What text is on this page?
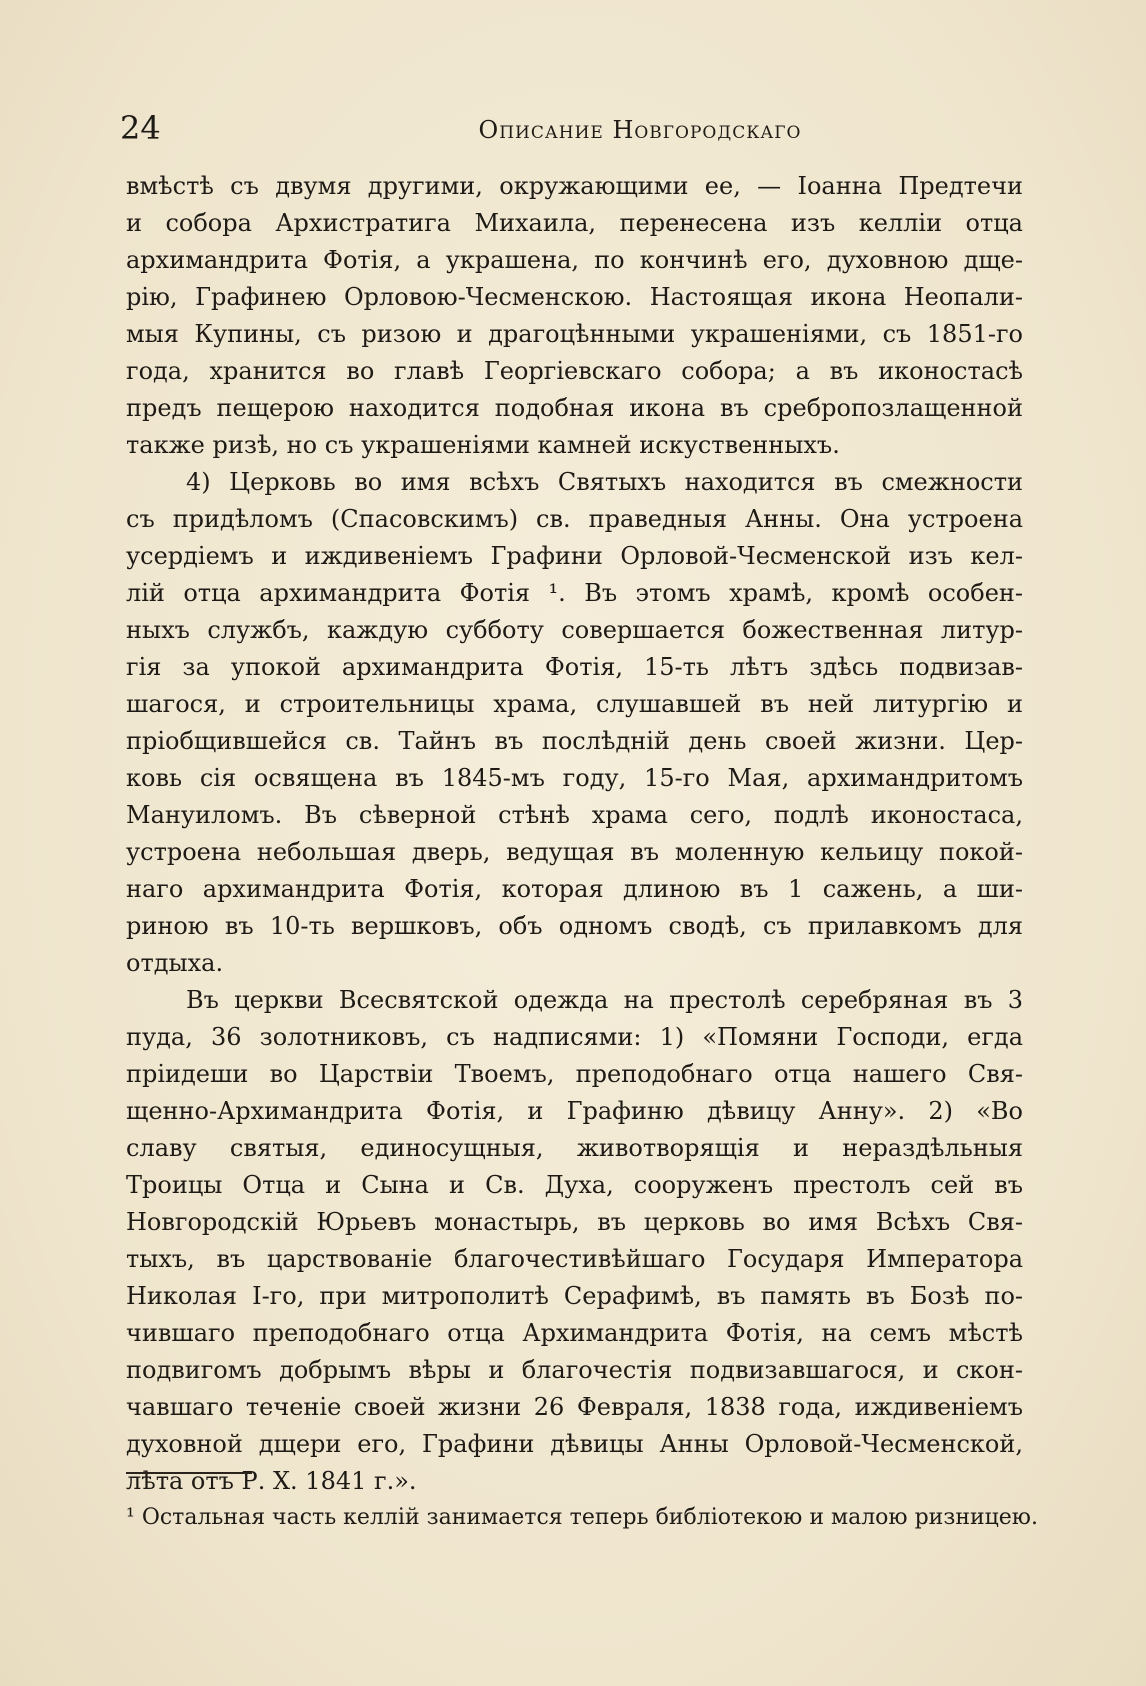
24	Описание Новгородскаго
вмѣстѣ съ двумя другими, окружающими ее, — Іоанна Предтечи
и собора Архистратига Михаила, перенесена изъ келліи отца
архимандрита Фотія, а украшена, по кончинѣ его, духовною дще-
рію, Графинею Орловою-Чесменскою. Настоящая икона Неопали-
мыя Купины, съ ризою и драгоцѣнными украшеніями, съ 1851-го
года, хранится во главѣ Георгіевскаго собора; а въ иконостасѣ
предъ пещерою находится подобная икона въ сребропозлащенной
также ризѣ, но съ украшеніями камней искуственныхъ.
4) Церковь во имя всѣхъ Святыхъ находится въ смежности
съ придѣломъ (Спасовскимъ) св. праведныя Анны. Она устроена
усердіемъ и иждивеніемъ Графини Орловой-Чесменской изъ кел-
лій отца архимандрита Фотія ¹. Въ этомъ храмѣ, кромѣ особен-
ныхъ службъ, каждую субботу совершается божественная литур-
гія за упокой архимандрита Фотія, 15-ть лѣтъ здѣсь подвизав-
шагося, и строительницы храма, слушавшей въ ней литургію и
пріобщившейся св. Тайнъ въ послѣдній день своей жизни. Цер-
ковь сія освящена въ 1845-мъ году, 15-го Мая, архимандритомъ
Мануиломъ. Въ сѣверной стѣнѣ храма сего, подлѣ иконостаса,
устроена небольшая дверь, ведущая въ моленную кельицу покой-
наго архимандрита Фотія, которая длиною въ 1 сажень, а ши-
риною въ 10-ть вершковъ, объ одномъ сводѣ, съ прилавкомъ для
отдыха.
Въ церкви Всесвятской одежда на престолѣ серебряная въ 3
пуда, 36 золотниковъ, съ надписями: 1) «Помяни Господи, егда
пріидеши во Царствіи Твоемъ, преподобнаго отца нашего Свя-
щенно-Архимандрита Фотія, и Графиню дѣвицу Анну». 2) «Во
славу святыя, единосущныя, животворящія и нераздѣльныя
Троицы Отца и Сына и Св. Духа, сооруженъ престолъ сей въ
Новгородскій Юрьевъ монастырь, въ церковь во имя Всѣхъ Свя-
тыхъ, въ царствованіе благочестивѣйшаго Государя Императора
Николая I-го, при митрополитѣ Серафимѣ, въ память въ Бозѣ по-
чившаго преподобнаго отца Архимандрита Фотія, на семъ мѣстѣ
подвигомъ добрымъ вѣры и благочестія подвизавшагося, и скон-
чавшаго теченіе своей жизни 26 Февраля, 1838 года, иждивеніемъ
духовной дщери его, Графини дѣвицы Анны Орловой-Чесменской,
лѣта отъ Р. Х. 1841 г.».
¹ Остальная часть келлій занимается теперь библіотекою и малою ризницею.
